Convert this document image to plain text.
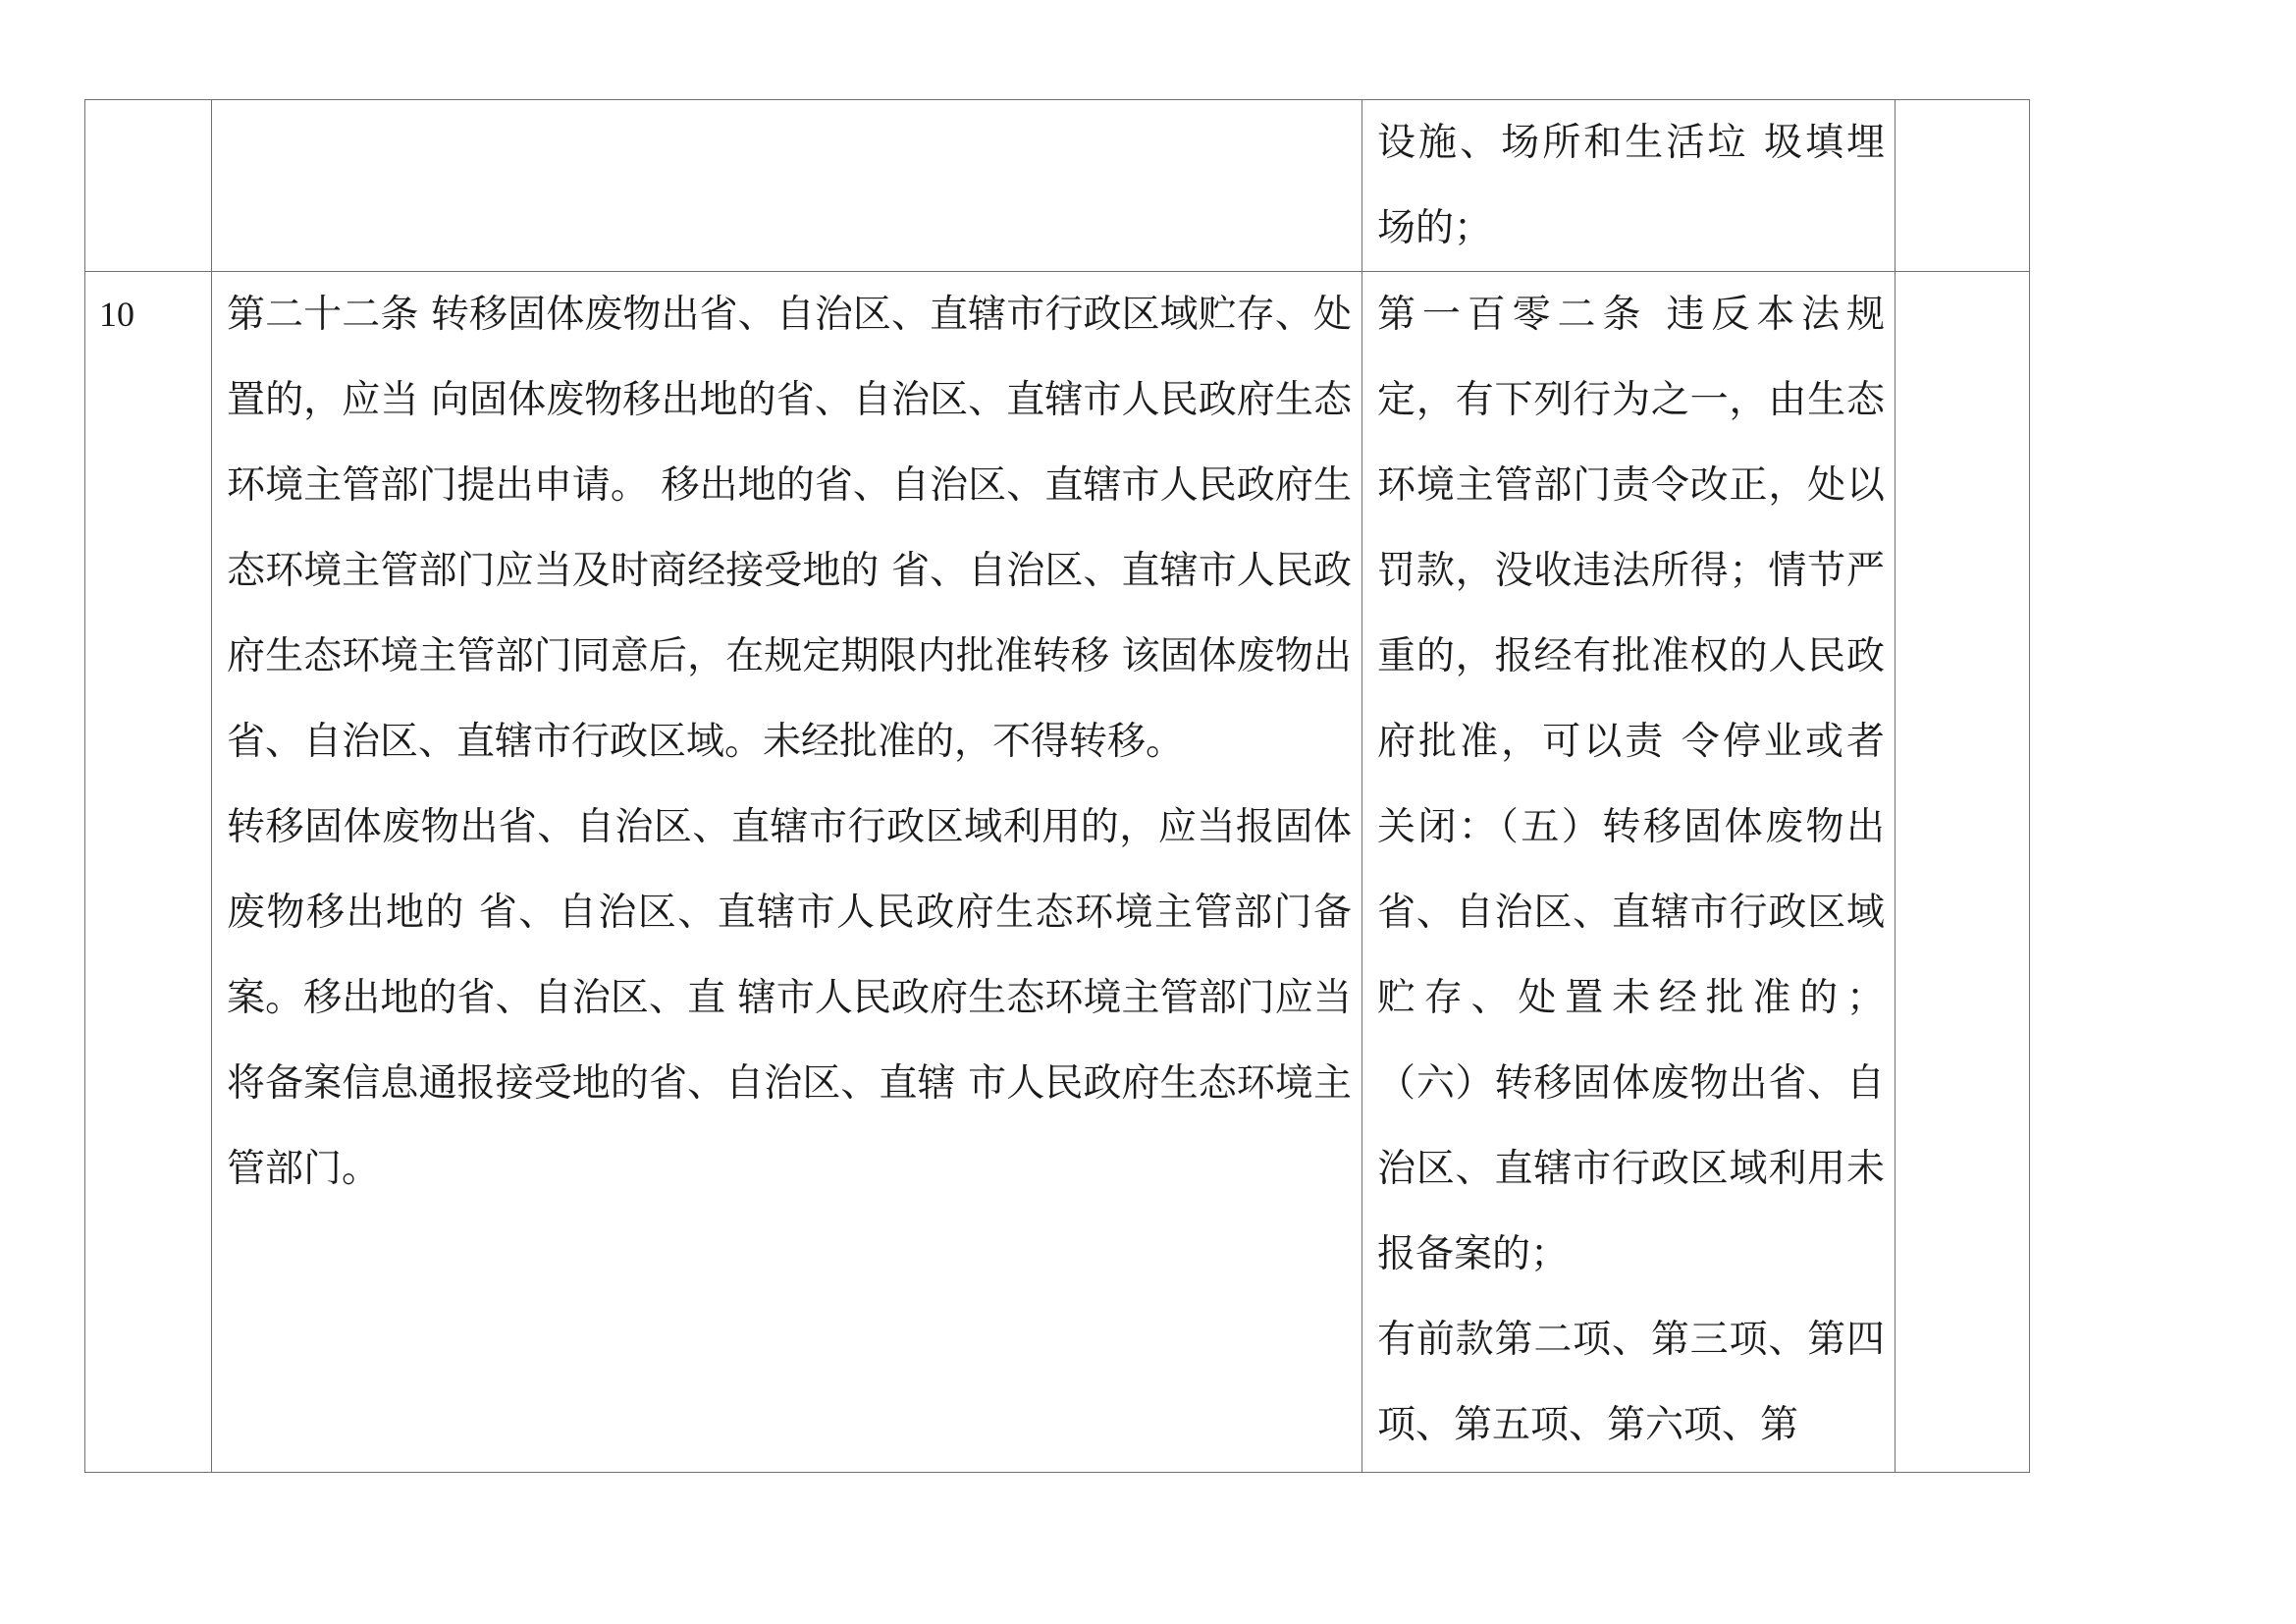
		设施、场所和生活垃 圾填埋场的；	

10	第二十二条 转移固体废物出省、自治区、直辖市行政区域贮存、处置的，应当 向固体废物移出地的省、自治区、直辖市人民政府生态环境主管部门提出申请。 移出地的省、自治区、直辖市人民政府生态环境主管部门应当及时商经接受地的 省、自治区、直辖市人民政府生态环境主管部门同意后，在规定期限内批准转移 该固体废物出省、自治区、直辖市行政区域。未经批准的，不得转移。
转移固体废物出省、自治区、直辖市行政区域利用的，应当报固体废物移出地的 省、自治区、直辖市人民政府生态环境主管部门备案。移出地的省、自治区、直 辖市人民政府生态环境主管部门应当将备案信息通报接受地的省、自治区、直辖 市人民政府生态环境主管部门。	第一百零二条 违反本法规定，有下列行为之一，由生态环境主管部门责令改正，处以罚款，没收违法所得；情节严重的，报经有批准权的人民政府批准，可以责 令停业或者关闭：（五）转移固体废物出省、自治区、直辖市行政区域贮存、处置未经批准的； （六）转移固体废物出省、自治区、直辖市行政区域利用未报备案的；
有前款第二项、第三项、第四项、第五项、第六项、第	
